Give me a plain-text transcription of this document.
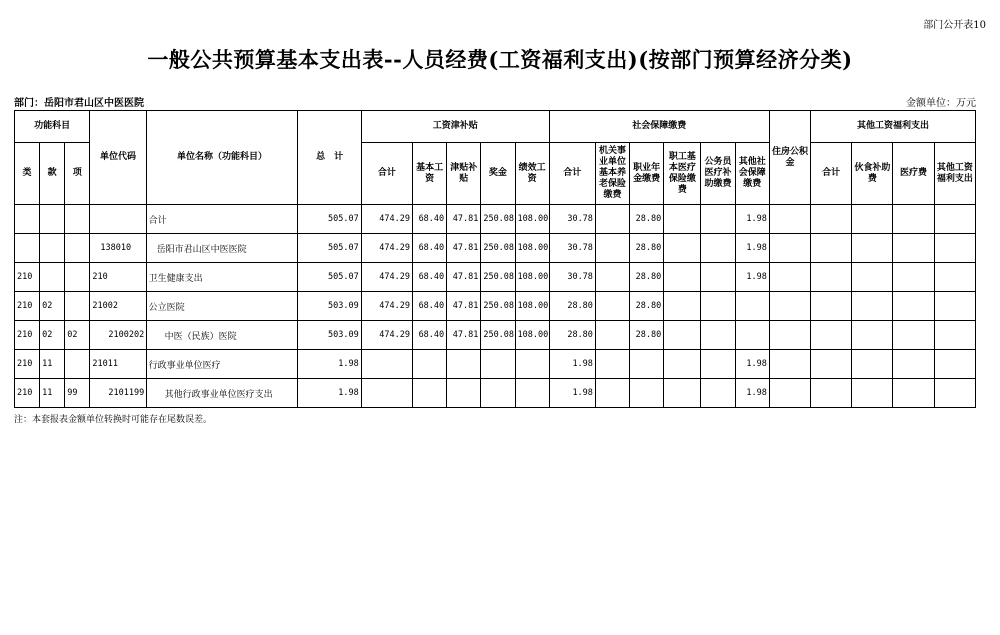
部门公开表10
一般公共预算基本支出表--人员经费(工资福利支出)(按部门预算经济分类)
部门：岳阳市君山区中医医院	金额单位：万元
功能科目			单位代码	单位名称（功能科目）	总　计	工资津补贴					社会保障缴费						住房公积金	其他工资福利支出			
类	款	项				合计	基本工资	津贴补贴	奖金	绩效工资	合计	机关事业单位基本养老保险缴费	职业年金缴费	职工基本医疗保险缴费	公务员医疗补助缴费	其他社会保障缴费		合计	伙食补助费	医疗费	其他工资福利支出
				合计	505.07	474.29	68.40	47.81	250.08	108.00	30.78		28.80			1.98					
			138010	岳阳市君山区中医医院	505.07	474.29	68.40	47.81	250.08	108.00	30.78		28.80			1.98					
210			210	卫生健康支出	505.07	474.29	68.40	47.81	250.08	108.00	30.78		28.80			1.98					
210	02		21002	公立医院	503.09	474.29	68.40	47.81	250.08	108.00	28.80		28.80								
210	02	02	2100202	中医（民族）医院	503.09	474.29	68.40	47.81	250.08	108.00	28.80		28.80								
210	11		21011	行政事业单位医疗	1.98						1.98					1.98					
210	11	99	2101199	其他行政事业单位医疗支出	1.98						1.98					1.98					
注：本套报表金额单位转换时可能存在尾数误差。
